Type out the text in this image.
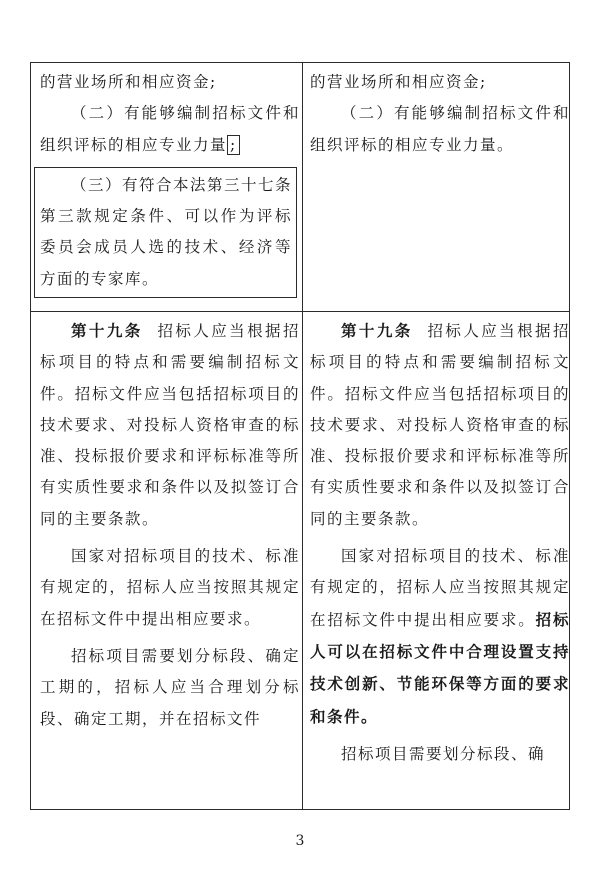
的营业场所和相应资金;

（二）有能够编制招标文件和组织评标的相应专业力量 ;

（三）有符合本法第三十七条第三款规定条件、可以作为评标委员会成员人选的技术、经济等方面的专家库。

的营业场所和相应资金;

（二）有能够编制招标文件和组织评标的相应专业力量。

第十九条 招标人应当根据招标项目的特点和需要编制招标文件。招标文件应当包括招标项目的技术要求、对投标人资格审查的标准、投标报价要求和评标标准等所有实质性要求和条件以及拟签订合同的主要条款。

国家对招标项目的技术、标准有规定的，招标人应当按照其规定在招标文件中提出相应要求。

招标项目需要划分标段、确定工期的，招标人应当合理划分标段、确定工期，并在招标文件

第十九条 招标人应当根据招标项目的特点和需要编制招标文件。招标文件应当包括招标项目的技术要求、对投标人资格审查的标准、投标报价要求和评标标准等所有实质性要求和条件以及拟签订合同的主要条款。

国家对招标项目的技术、标准有规定的，招标人应当按照其规定在招标文件中提出相应要求。招标人可以在招标文件中合理设置支持技术创新、节能环保等方面的要求和条件。

招标项目需要划分标段、确

3
